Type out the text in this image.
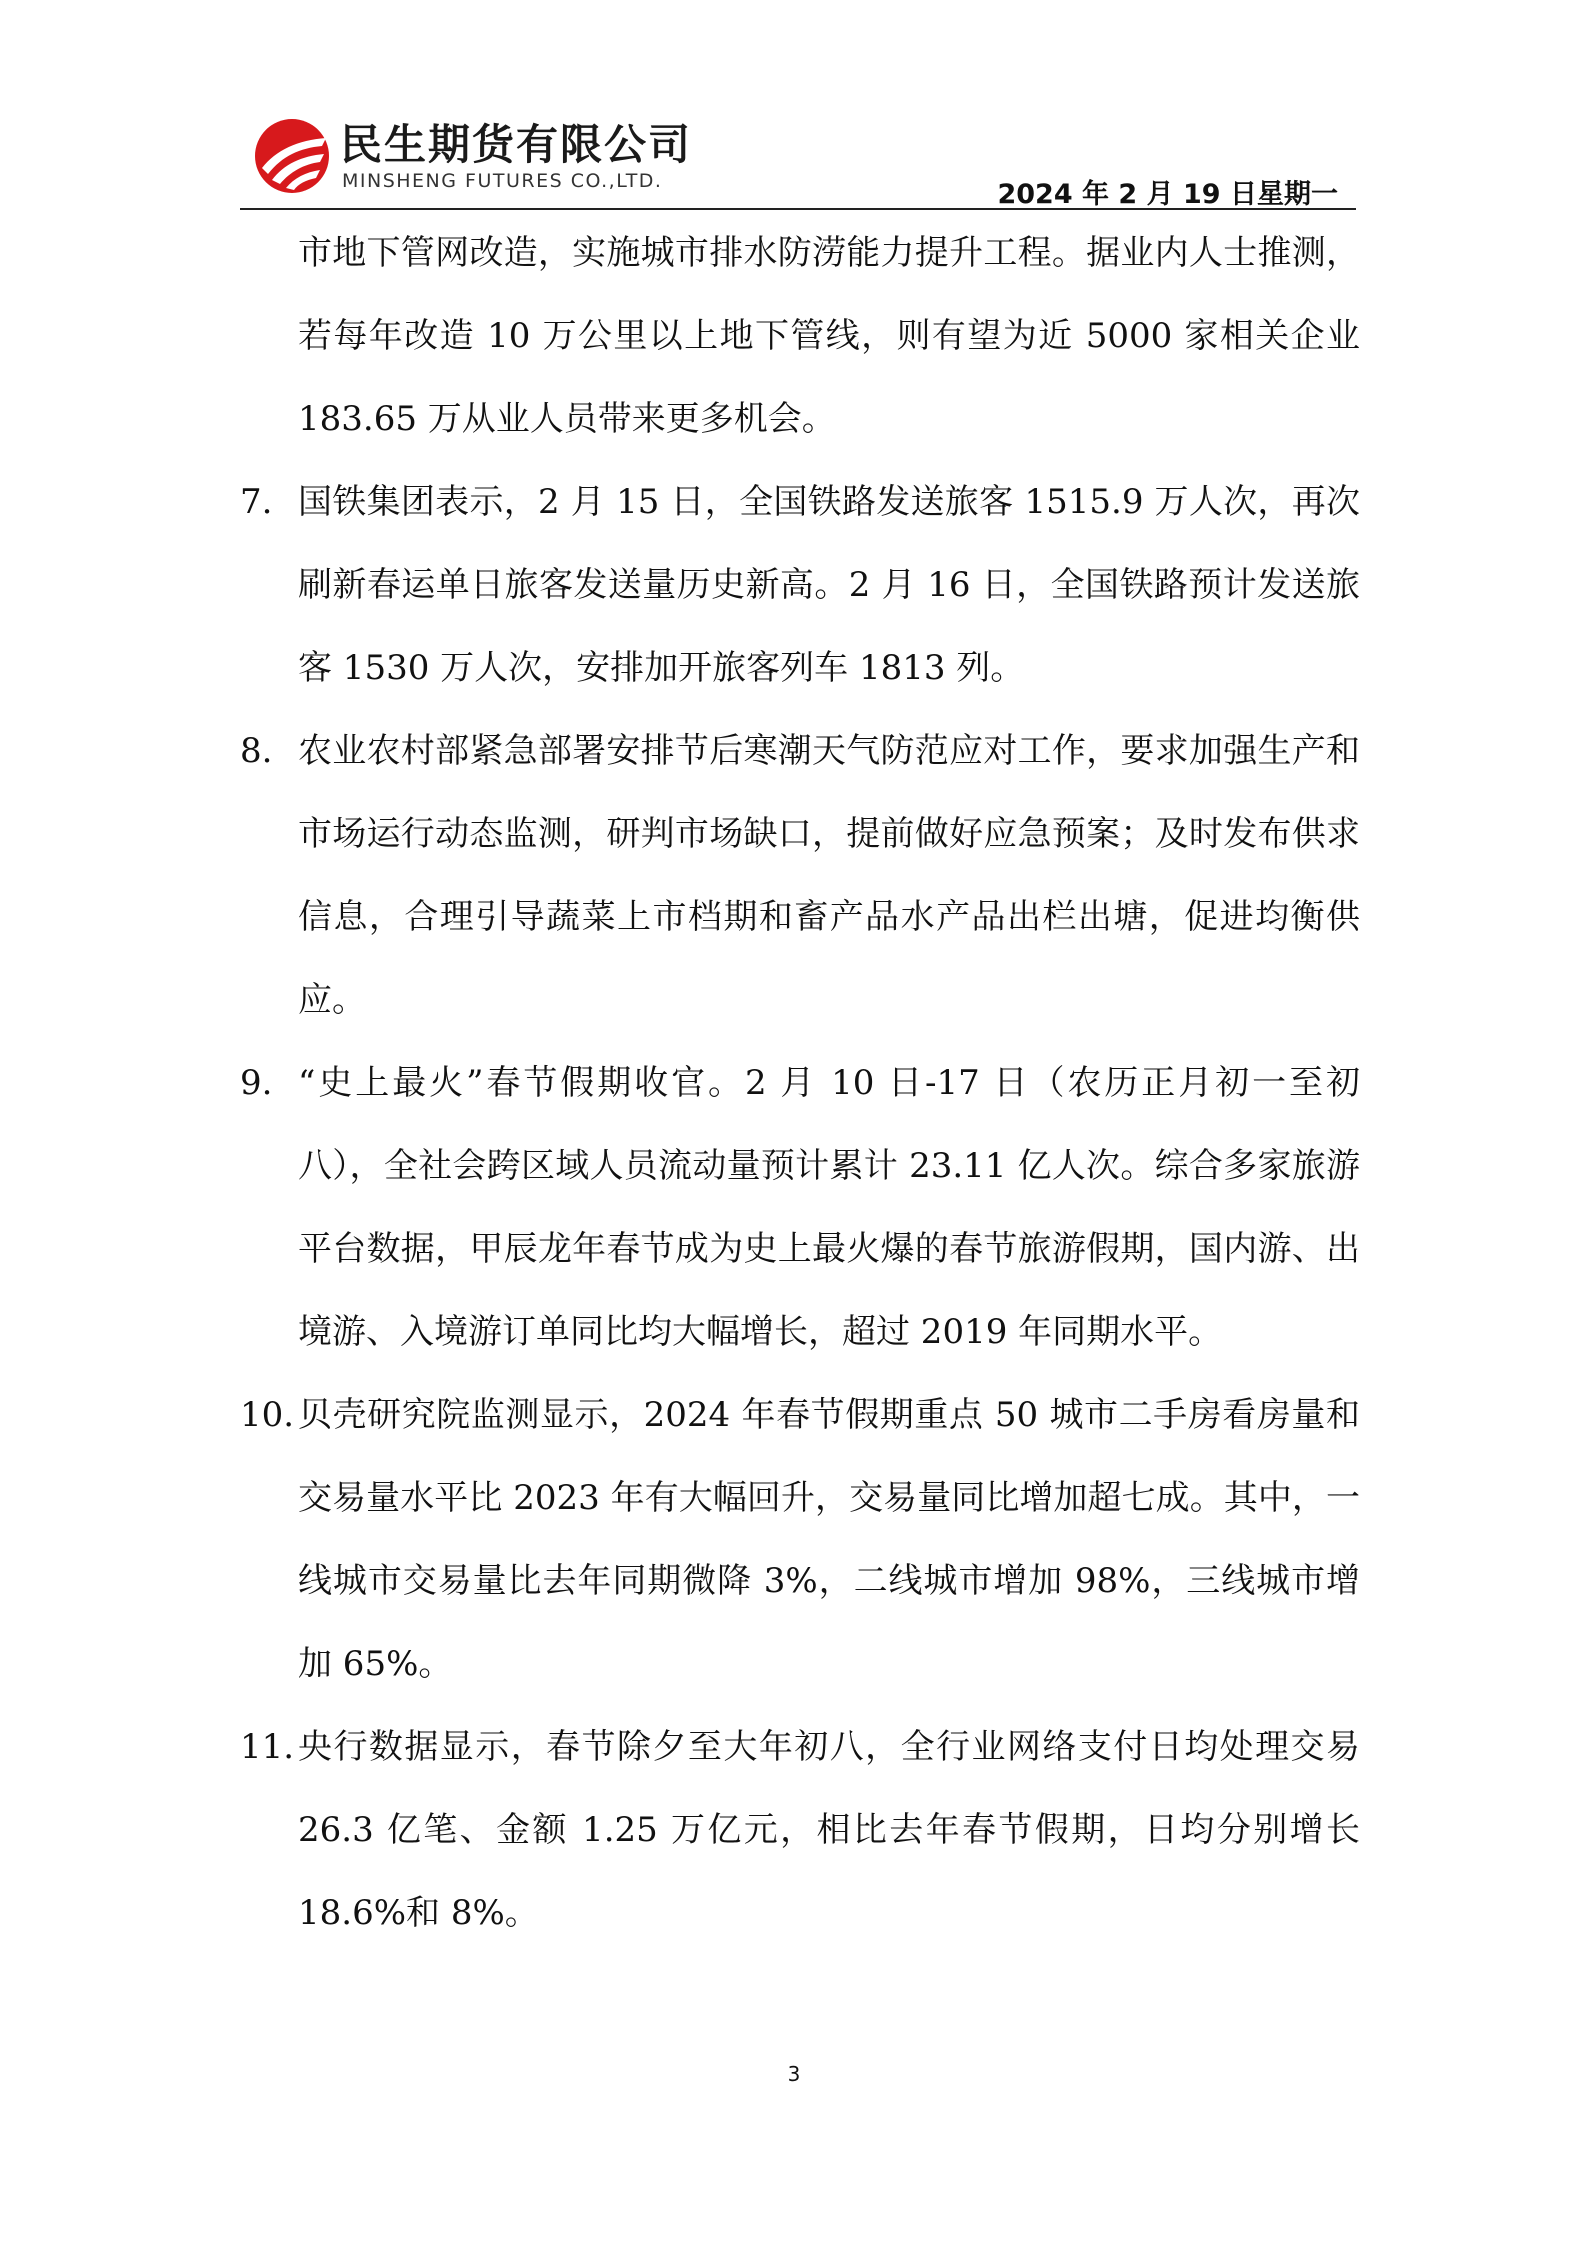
民生期货有限公司
MINSHENG FUTURES CO.,LTD.	2024 年 2 月 19 日星期一
市地下管网改造，实施城市排水防涝能力提升工程。据业内人士推测，若每年改造 10 万公里以上地下管线，则有望为近 5000 家相关企业 183.65 万从业人员带来更多机会。
7. 国铁集团表示，2 月 15 日，全国铁路发送旅客 1515.9 万人次，再次刷新春运单日旅客发送量历史新高。2 月 16 日，全国铁路预计发送旅客 1530 万人次，安排加开旅客列车 1813 列。
8. 农业农村部紧急部署安排节后寒潮天气防范应对工作，要求加强生产和市场运行动态监测，研判市场缺口，提前做好应急预案；及时发布供求信息，合理引导蔬菜上市档期和畜产品水产品出栏出塘，促进均衡供应。
9. “史上最火”春节假期收官。2 月 10 日-17 日（农历正月初一至初八），全社会跨区域人员流动量预计累计 23.11 亿人次。综合多家旅游平台数据，甲辰龙年春节成为史上最火爆的春节旅游假期，国内游、出境游、入境游订单同比均大幅增长，超过 2019 年同期水平。
10. 贝壳研究院监测显示，2024 年春节假期重点 50 城市二手房看房量和交易量水平比 2023 年有大幅回升，交易量同比增加超七成。其中，一线城市交易量比去年同期微降 3%，二线城市增加 98%，三线城市增加 65%。
11. 央行数据显示，春节除夕至大年初八，全行业网络支付日均处理交易 26.3 亿笔、金额 1.25 万亿元，相比去年春节假期，日均分别增长 18.6%和 8%。
3
